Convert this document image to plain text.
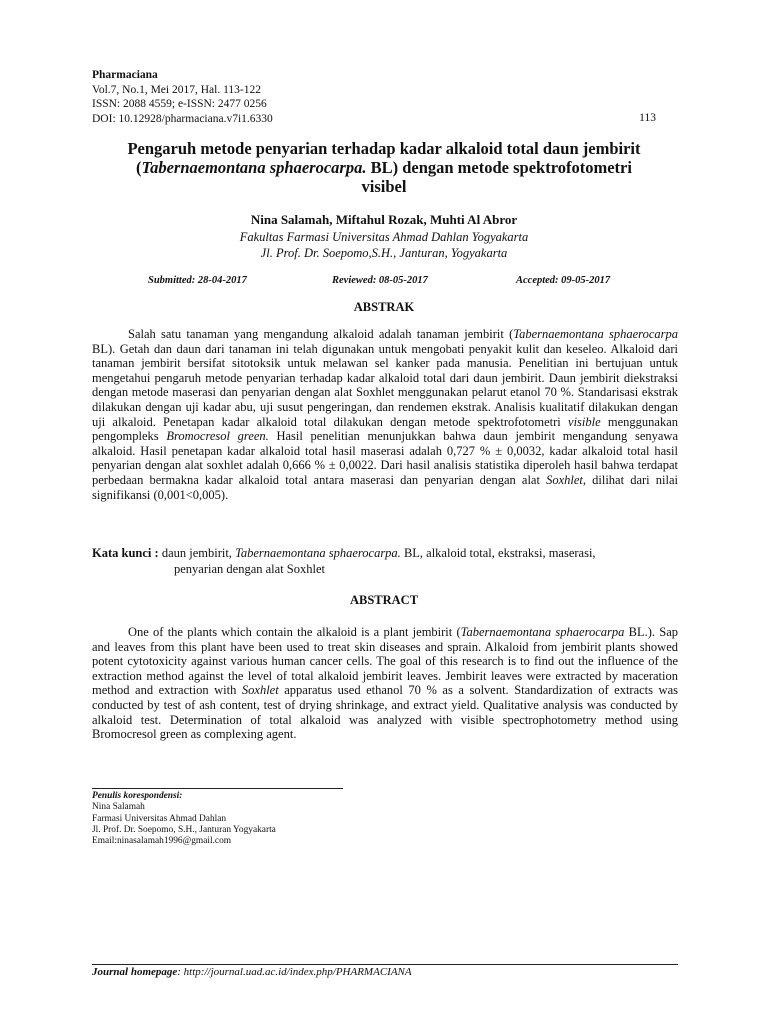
Pharmaciana
Vol.7, No.1, Mei 2017, Hal. 113-122
ISSN: 2088 4559; e-ISSN: 2477 0256
DOI: 10.12928/pharmaciana.v7i1.6330	113
Pengaruh metode penyarian terhadap kadar alkaloid total daun jembirit
(Tabernaemontana sphaerocarpa. BL) dengan metode spektrofotometri
visibel
Nina Salamah, Miftahul Rozak, Muhti Al Abror
Fakultas Farmasi Universitas Ahmad Dahlan Yogyakarta
Jl. Prof. Dr. Soepomo,S.H., Janturan, Yogyakarta
Submitted: 28-04-2017	Reviewed: 08-05-2017	Accepted: 09-05-2017
ABSTRAK

Salah satu tanaman yang mengandung alkaloid adalah tanaman jembirit (Tabernaemontana sphaerocarpa BL). Getah dan daun dari tanaman ini telah digunakan untuk mengobati penyakit kulit dan keseleo. Alkaloid dari tanaman jembirit bersifat sitotoksik untuk melawan sel kanker pada manusia. Penelitian ini bertujuan untuk mengetahui pengaruh metode penyarian terhadap kadar alkaloid total dari daun jembirit. Daun jembirit diekstraksi dengan metode maserasi dan penyarian dengan alat Soxhlet menggunakan pelarut etanol 70 %. Standarisasi ekstrak dilakukan dengan uji kadar abu, uji susut pengeringan, dan rendemen ekstrak. Analisis kualitatif dilakukan dengan uji alkaloid. Penetapan kadar alkaloid total dilakukan dengan metode spektrofotometri visible menggunakan pengompleks Bromocresol green. Hasil penelitian menunjukkan bahwa daun jembirit mengandung senyawa alkaloid. Hasil penetapan kadar alkaloid total hasil maserasi adalah 0,727 % ± 0,0032, kadar alkaloid total hasil penyarian dengan alat soxhlet adalah 0,666 % ± 0,0022. Dari hasil analisis statistika diperoleh hasil bahwa terdapat perbedaan bermakna kadar alkaloid total antara maserasi dan penyarian dengan alat Soxhlet, dilihat dari nilai signifikansi (0,001<0,005).

Kata kunci : daun jembirit, Tabernaemontana sphaerocarpa. BL, alkaloid total, ekstraksi, maserasi,
penyarian dengan alat Soxhlet
ABSTRACT

One of the plants which contain the alkaloid is a plant jembirit (Tabernaemontana sphaerocarpa BL.). Sap and leaves from this plant have been used to treat skin diseases and sprain. Alkaloid from jembirit plants showed potent cytotoxicity against various human cancer cells. The goal of this research is to find out the influence of the extraction method against the level of total alkaloid jembirit leaves. Jembirit leaves were extracted by maceration method and extraction with Soxhlet apparatus used ethanol 70 % as a solvent. Standardization of extracts was conducted by test of ash content, test of drying shrinkage, and extract yield. Qualitative analysis was conducted by alkaloid test. Determination of total alkaloid was analyzed with visible spectrophotometry method using Bromocresol green as complexing agent.

Penulis korespondensi:
Nina Salamah
Farmasi Universitas Ahmad Dahlan
Jl. Prof. Dr. Soepomo, S.H., Janturan Yogyakarta
Email:ninasalamah1996@gmail.com
Journal homepage: http://journal.uad.ac.id/index.php/PHARMACIANA
